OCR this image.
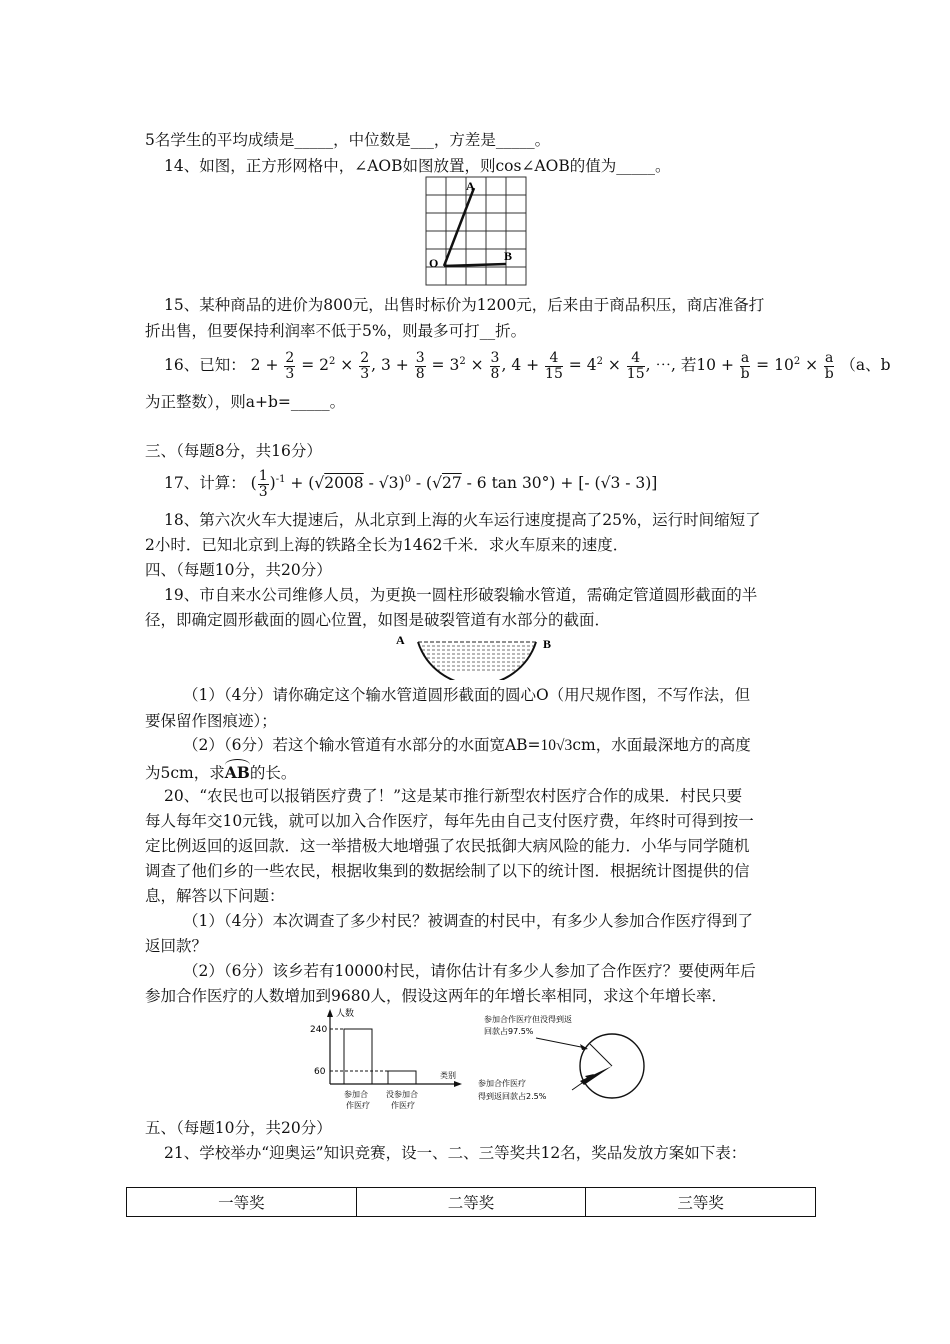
5名学生的平均成绩是_____，中位数是___，方差是_____。
14、如图，正方形网格中，∠AOB如图放置，则cos∠AOB的值为_____。
A
O	B
15、某种商品的进价为800元，出售时标价为1200元，后来由于商品积压，商店准备打
折出售，但要保持利润率不低于5%，则最多可打__折。
16、已知： $2 + \frac{2}{3} = 2^2 \times \frac{2}{3}$ , $3 + \frac{3}{8} = 3^2 \times \frac{3}{8}$ , $4 + \frac{4}{15} = 4^2 \times \frac{4}{15}$ , ⋯, 若$10 + \frac{a}{b} = 10^2 \times \frac{a}{b} (a$、b
为正整数），则a+b=_____。
三、（每题8分，共16分）
17、计算： ( $\frac{1}{3} )^{-1} + (√2008 - √3)^0 - (√27 - 6$ tan 30°) + [- (√3 - 3)]
18、第六次火车大提速后，从北京到上海的火车运行速度提高了25%，运行时间缩短了
2小时．已知北京到上海的铁路全长为1462千米．求火车原来的速度．
四、（每题10分，共20分）
19、市自来水公司维修人员，为更换一圆柱形破裂输水管道，需确定管道圆形截面的半
径，即确定圆形截面的圆心位置，如图是破裂管道有水部分的截面．
A	B
（1）（4分）请你确定这个输水管道圆形截面的圆心O（用尺规作图，不写作法，但
要保留作图痕迹）；
（2）（6分）若这个输水管道有水部分的水面宽AB=10√3cm，水面最深地方的高度
为5cm，求AB的长。
20、“农民也可以报销医疗费了！”这是某市推行新型农村医疗合作的成果．村民只要
每人每年交10元钱，就可以加入合作医疗，每年先由自己支付医疗费，年终时可得到按一
定比例返回的返回款．这一举措极大地增强了农民抵御大病风险的能力．小华与同学随机
调查了他们乡的一些农民，根据收集到的数据绘制了以下的统计图．根据统计图提供的信
息，解答以下问题：
（1）（4分）本次调查了多少村民？被调查的村民中，有多少人参加合作医疗得到了
返回款？
（2）（6分）该乡若有10000村民，请你估计有多少人参加了合作医疗？要使两年后
参加合作医疗的人数增加到9680人，假设这两年的年增长率相同，求这个年增长率．
人数
类别
240
60
参加合
作医疗
没参加合
作医疗
参加合作医疗但没得到返
回款占97.5%
参加合作医疗
得到返回款占2.5%
五、（每题10分，共20分）
21、学校举办“迎奥运”知识竞赛，设一、二、三等奖共12名，奖品发放方案如下表：
一等奖	二等奖	三等奖
